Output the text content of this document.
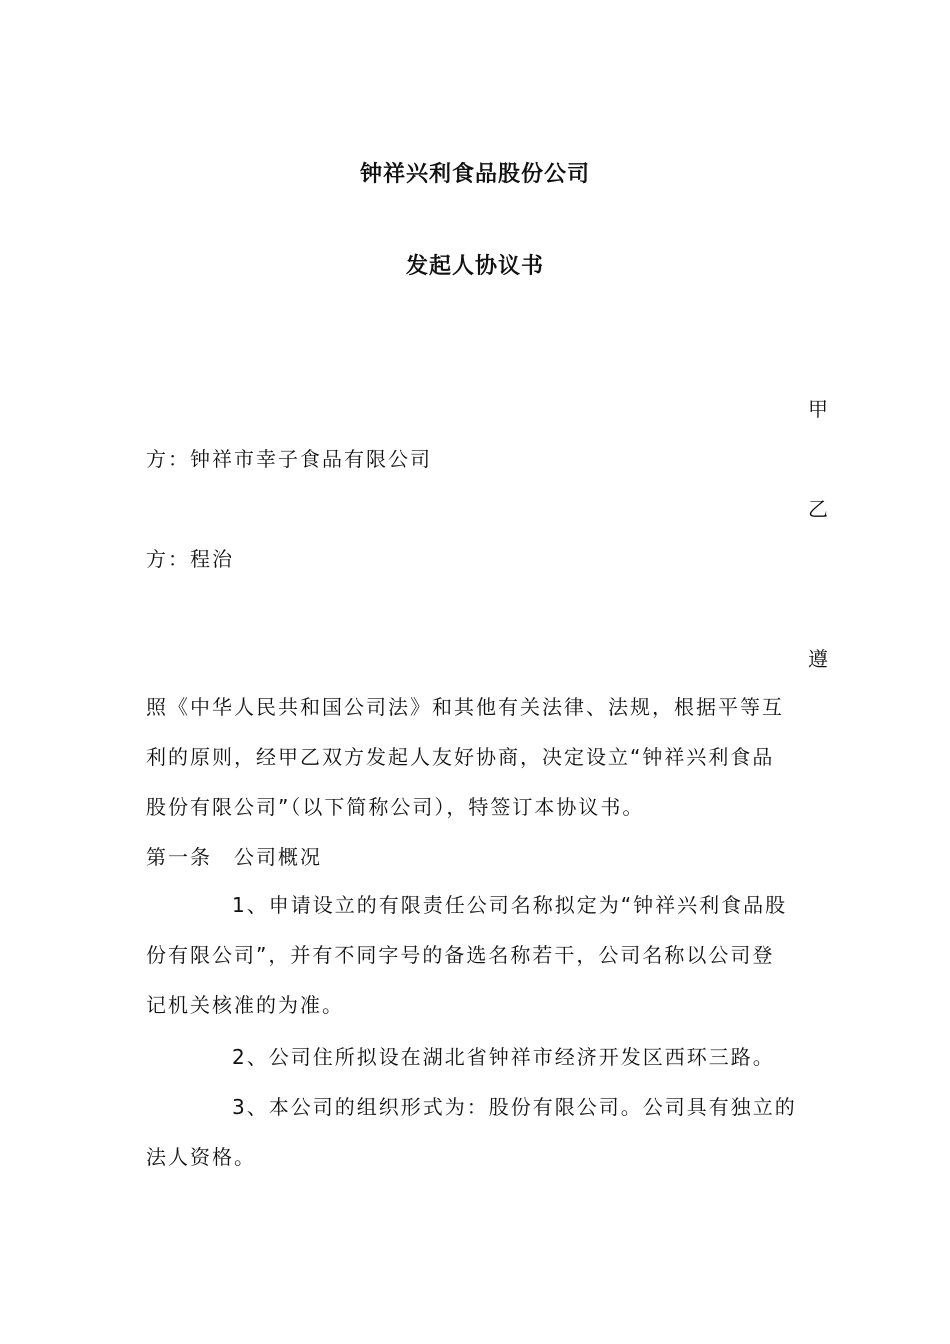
钟祥兴利食品股份公司
发起人协议书
甲
方：钟祥市幸子食品有限公司
乙
方：程治
遵
照《中华人民共和国公司法》和其他有关法律、法规，根据平等互
利的原则，经甲乙双方发起人友好协商，决定设立“钟祥兴利食品
股份有限公司”（以下简称公司），特签订本协议书。
第一条　公司概况
1、申请设立的有限责任公司名称拟定为“钟祥兴利食品股
份有限公司”，并有不同字号的备选名称若干，公司名称以公司登
记机关核准的为准。
2、公司住所拟设在湖北省钟祥市经济开发区西环三路。
3、本公司的组织形式为：股份有限公司。公司具有独立的
法人资格。
